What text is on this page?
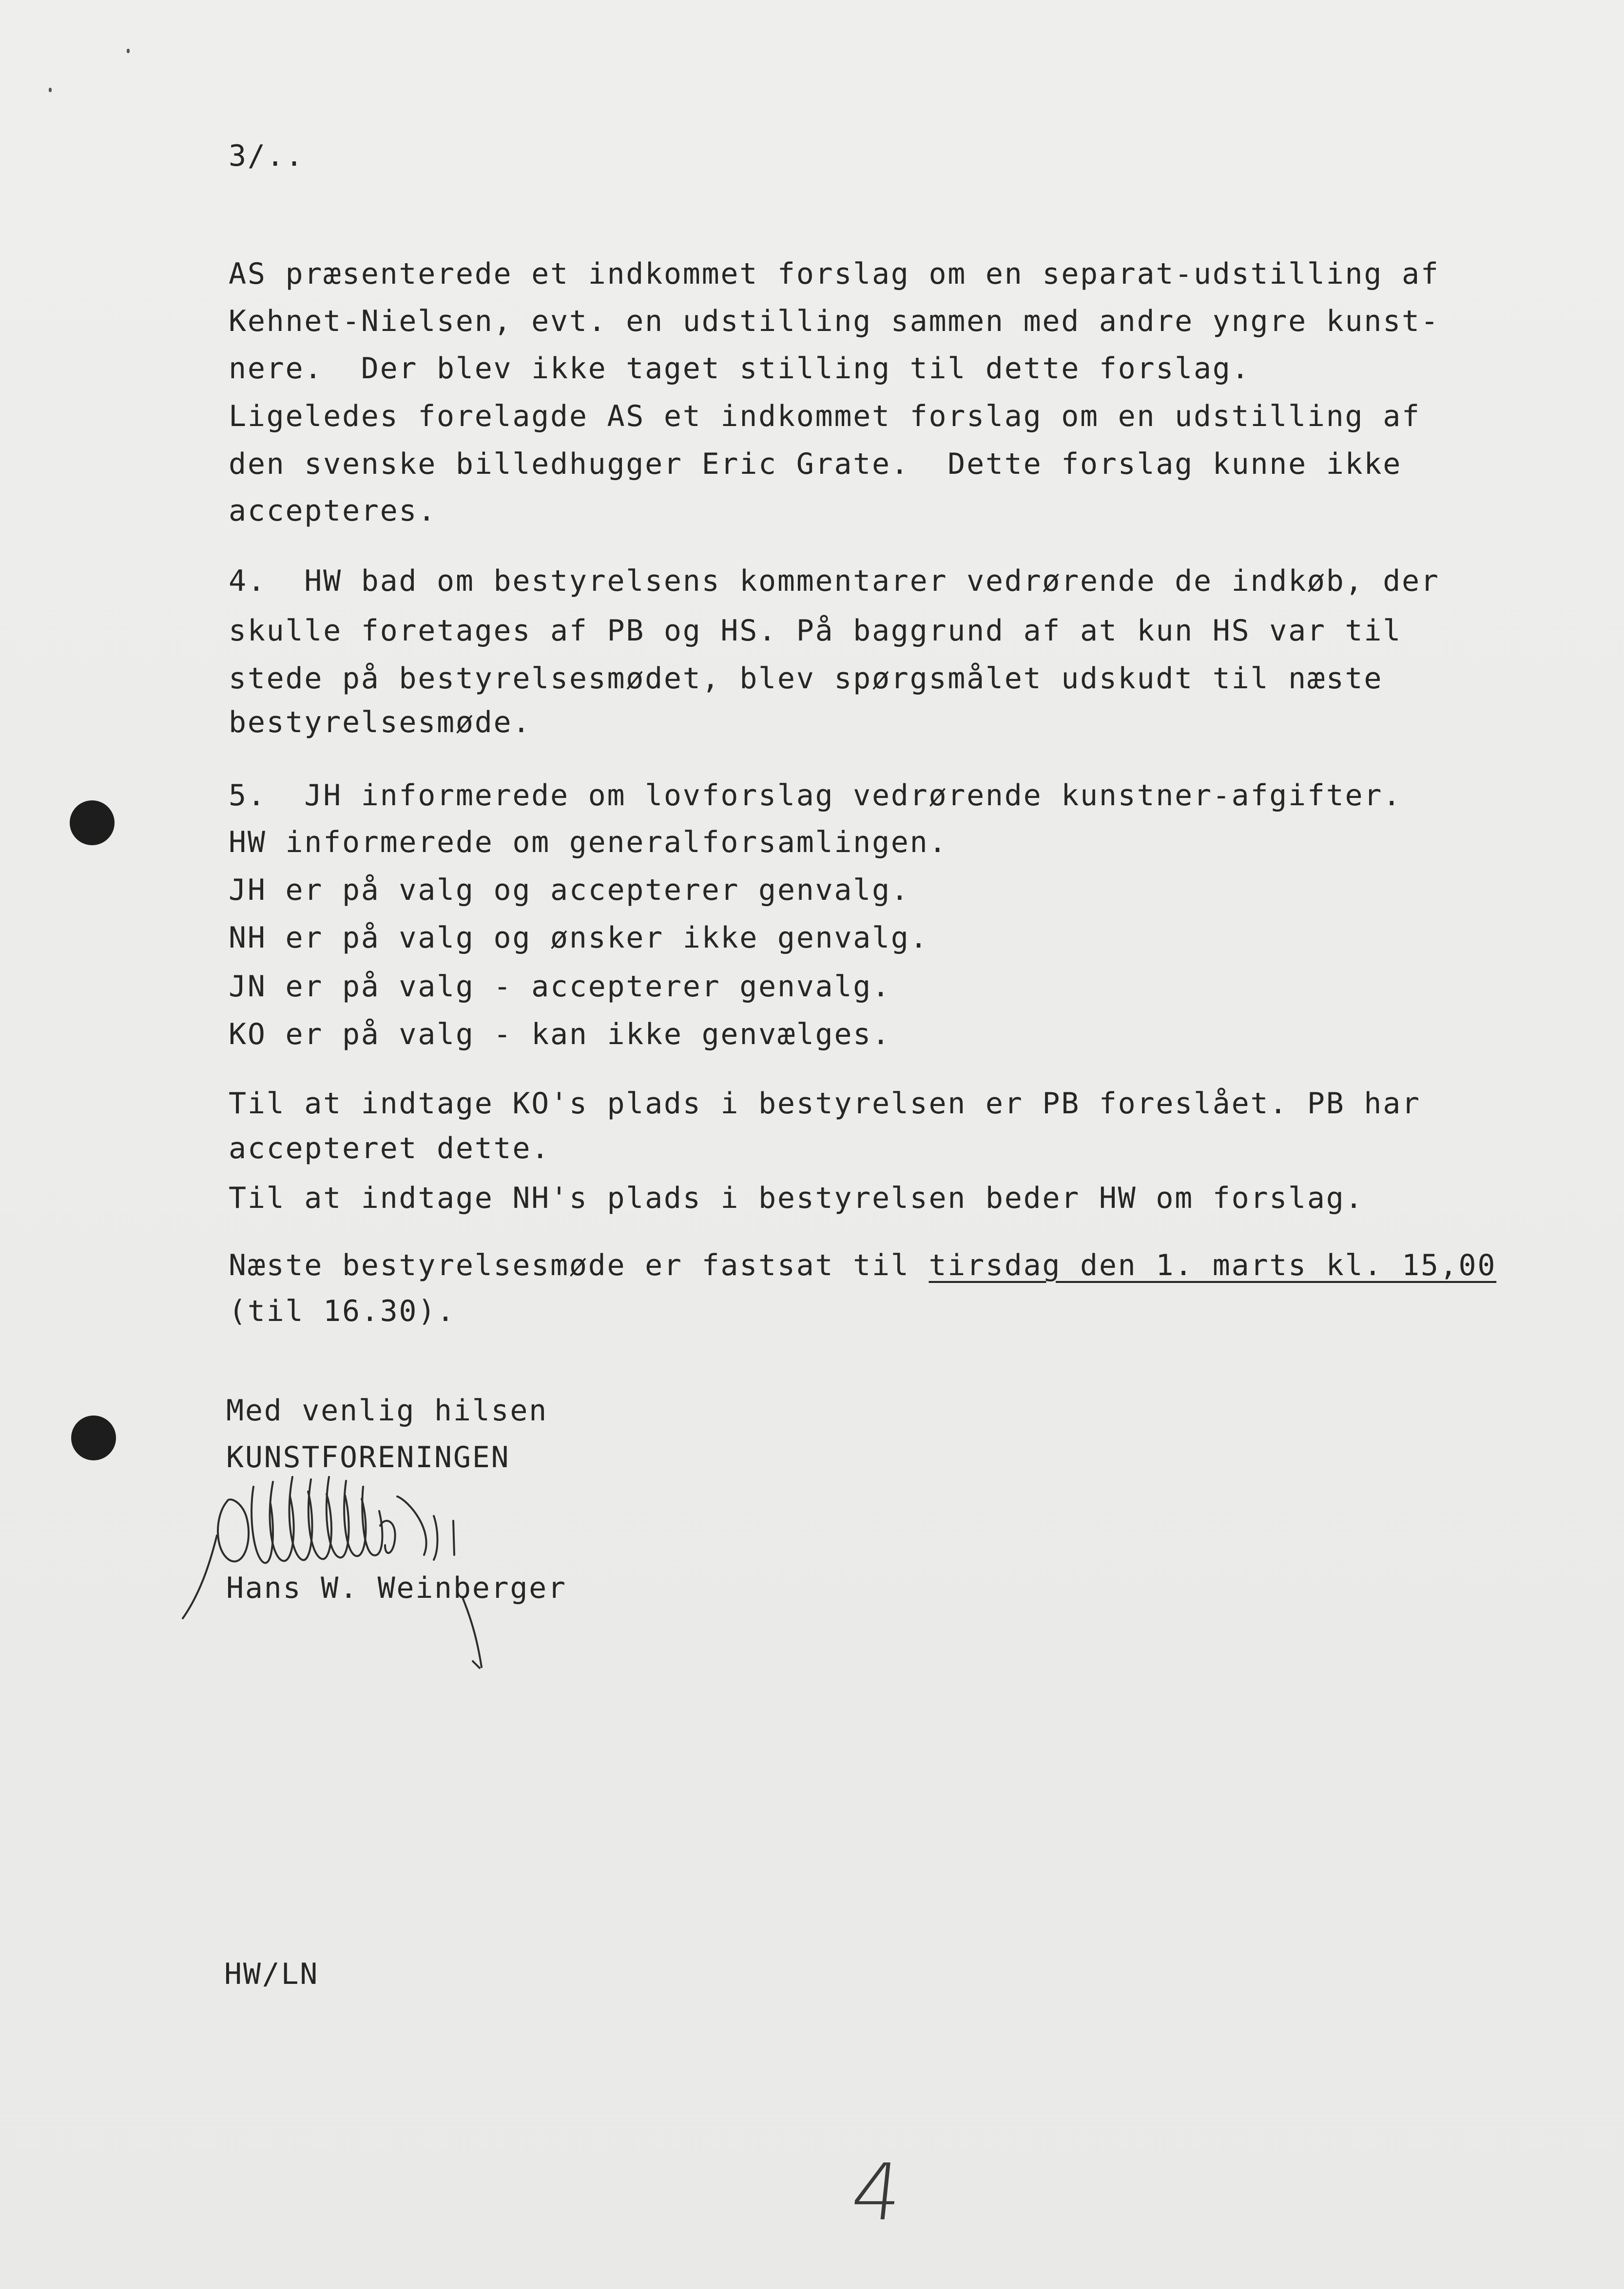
3/..
AS præsenterede et indkommet forslag om en separat-udstilling af
Kehnet-Nielsen, evt. en udstilling sammen med andre yngre kunst-
nere.  Der blev ikke taget stilling til dette forslag.
Ligeledes forelagde AS et indkommet forslag om en udstilling af
den svenske billedhugger Eric Grate.  Dette forslag kunne ikke
accepteres.
4.  HW bad om bestyrelsens kommentarer vedrørende de indkøb, der
skulle foretages af PB og HS. På baggrund af at kun HS var til
stede på bestyrelsesmødet, blev spørgsmålet udskudt til næste
bestyrelsesmøde.
5.  JH informerede om lovforslag vedrørende kunstner-afgifter.
HW informerede om generalforsamlingen.
JH er på valg og accepterer genvalg.
NH er på valg og ønsker ikke genvalg.
JN er på valg - accepterer genvalg.
KO er på valg - kan ikke genvælges.
Til at indtage KO's plads i bestyrelsen er PB foreslået. PB har
accepteret dette.
Til at indtage NH's plads i bestyrelsen beder HW om forslag.
Næste bestyrelsesmøde er fastsat til tirsdag den 1. marts kl. 15,00
(til 16.30).
Med venlig hilsen
KUNSTFORENINGEN
Hans W. Weinberger
HW/LN
4
